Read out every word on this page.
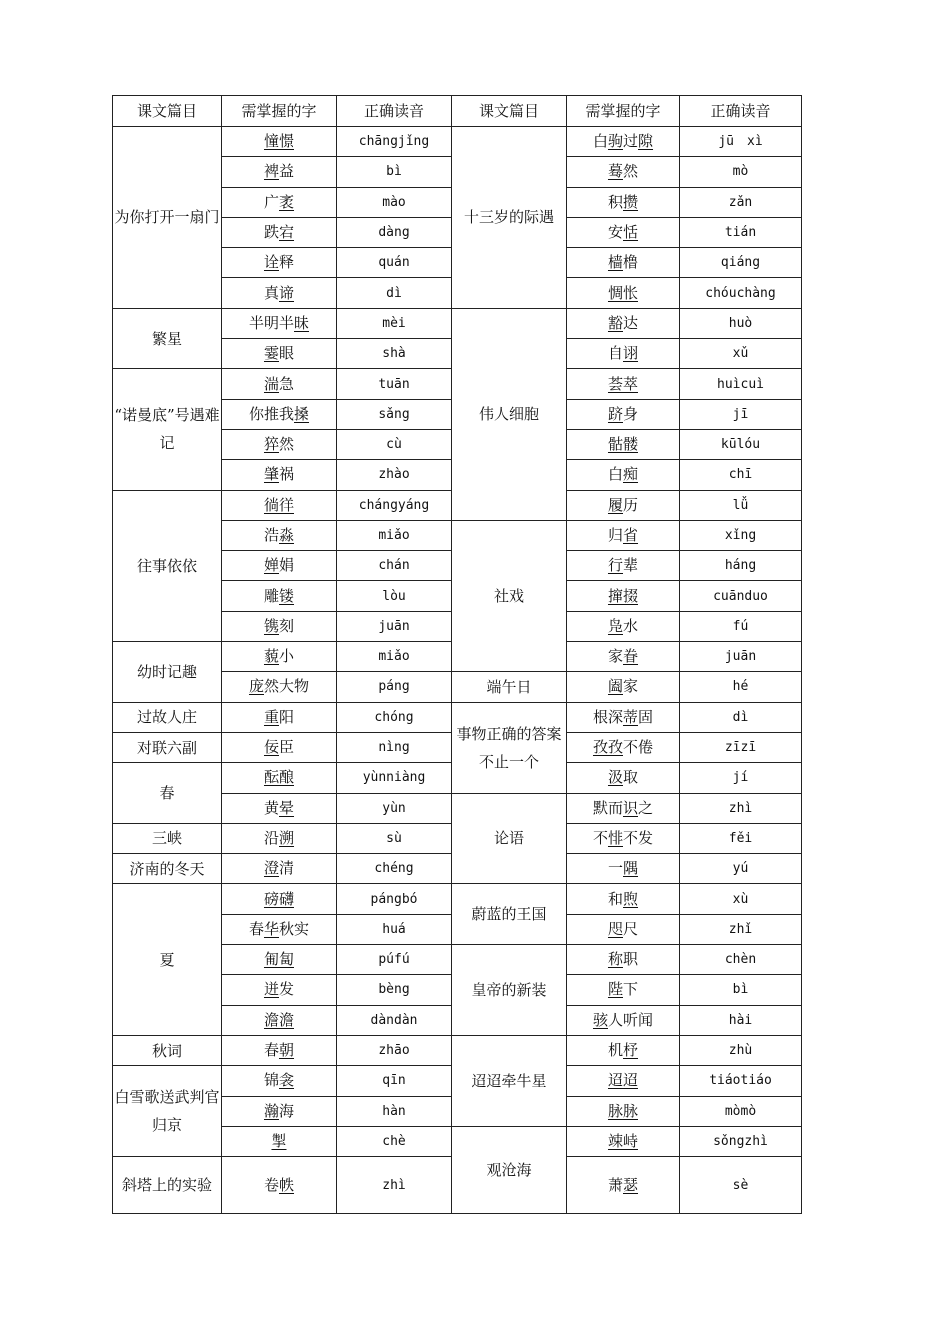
课文篇目	需掌握的字	正确读音	课文篇目	需掌握的字	正确读音
为你打开一扇门	憧憬	chāngjǐng	十三岁的际遇	白驹过隙	jū　xì
	裨益	bì		蓦然	mò
	广袤	mào		积攒	zǎn
	跌宕	dàng		安恬	tián
	诠释	quán		樯橹	qiáng
	真谛	dì		惆怅	chóuchàng
繁星	半明半昧	mèi	伟人细胞	豁达	huò
	霎眼	shà		自诩	xǔ
“诺曼底”号遇难记	湍急	tuān		荟萃	huìcuì
	你推我搡	sǎng		跻身	jī
	猝然	cù		骷髅	kūlóu
	肇祸	zhào		白痴	chī
往事依依	徜徉	chángyáng		履历	lǚ
	浩淼	miǎo	社戏	归省	xǐng
	婵娟	chán		行辈	háng
	雕镂	lòu		撺掇	cuānduo
	镌刻	juān		凫水	fú
幼时记趣	藐小	miǎo		家眷	juān
	庞然大物	páng	端午日	阖家	hé
过故人庄	重阳	chóng	事物正确的答案不止一个	根深蒂固	dì
对联六副	佞臣	nìng		孜孜不倦	zīzī
春	酝酿	yùnniàng		汲取	jí
	黄晕	yùn	论语	默而识之	zhì
三峡	沿溯	sù		不悱不发	fěi
济南的冬天	澄清	chéng		一隅	yú
夏	磅礴	pángbó	蔚蓝的王国	和煦	xù
	春华秋实	huá		咫尺	zhǐ
	匍匐	púfú	皇帝的新装	称职	chèn
	迸发	bèng		陛下	bì
	澹澹	dàndàn		骇人听闻	hài
秋词	春朝	zhāo	迢迢牵牛星	机杼	zhù
白雪歌送武判官归京	锦衾	qīn		迢迢	tiáotiáo
	瀚海	hàn		脉脉	mòmò
	掣	chè	观沧海	竦峙	sǒngzhì
斜塔上的实验	卷帙	zhì		萧瑟	sè
